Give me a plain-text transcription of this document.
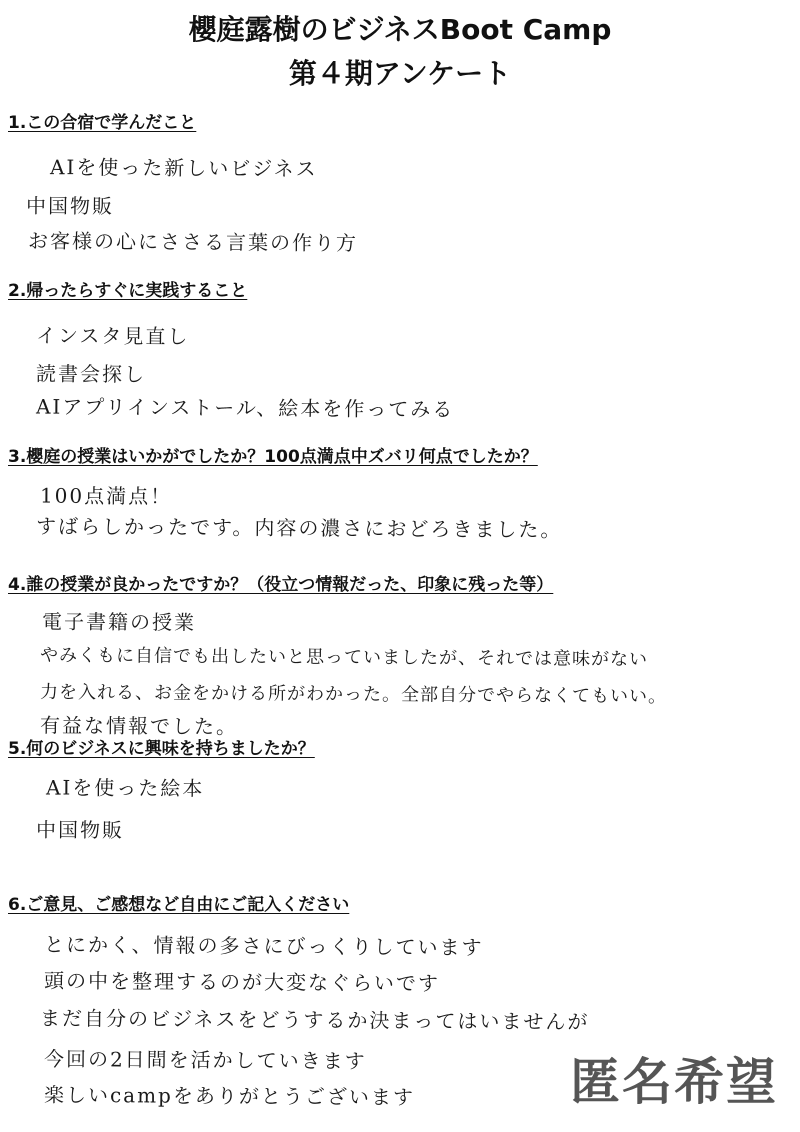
櫻庭露樹のビジネスBoot Camp
第４期アンケート
1.この合宿で学んだこと
AIを使った新しいビジネス
中国物販
お客様の心にささる言葉の作り方
2.帰ったらすぐに実践すること
インスタ見直し
読書会探し
AIアプリインストール、絵本を作ってみる
3.櫻庭の授業はいかがでしたか？100点満点中ズバリ何点でしたか？
100点満点！
すばらしかったです。内容の濃さにおどろきました。
4.誰の授業が良かったですか？（役立つ情報だった、印象に残った等）
電子書籍の授業
やみくもに自信でも出したいと思っていましたが、それでは意味がない
力を入れる、お金をかける所がわかった。全部自分でやらなくてもいい。
有益な情報でした。
5.何のビジネスに興味を持ちましたか？
AIを使った絵本
中国物販
6.ご意見、ご感想など自由にご記入ください
とにかく、情報の多さにびっくりしています
頭の中を整理するのが大変なぐらいです
まだ自分のビジネスをどうするか決まってはいませんが
今回の2日間を活かしていきます
楽しいcampをありがとうございます	匿名希望
